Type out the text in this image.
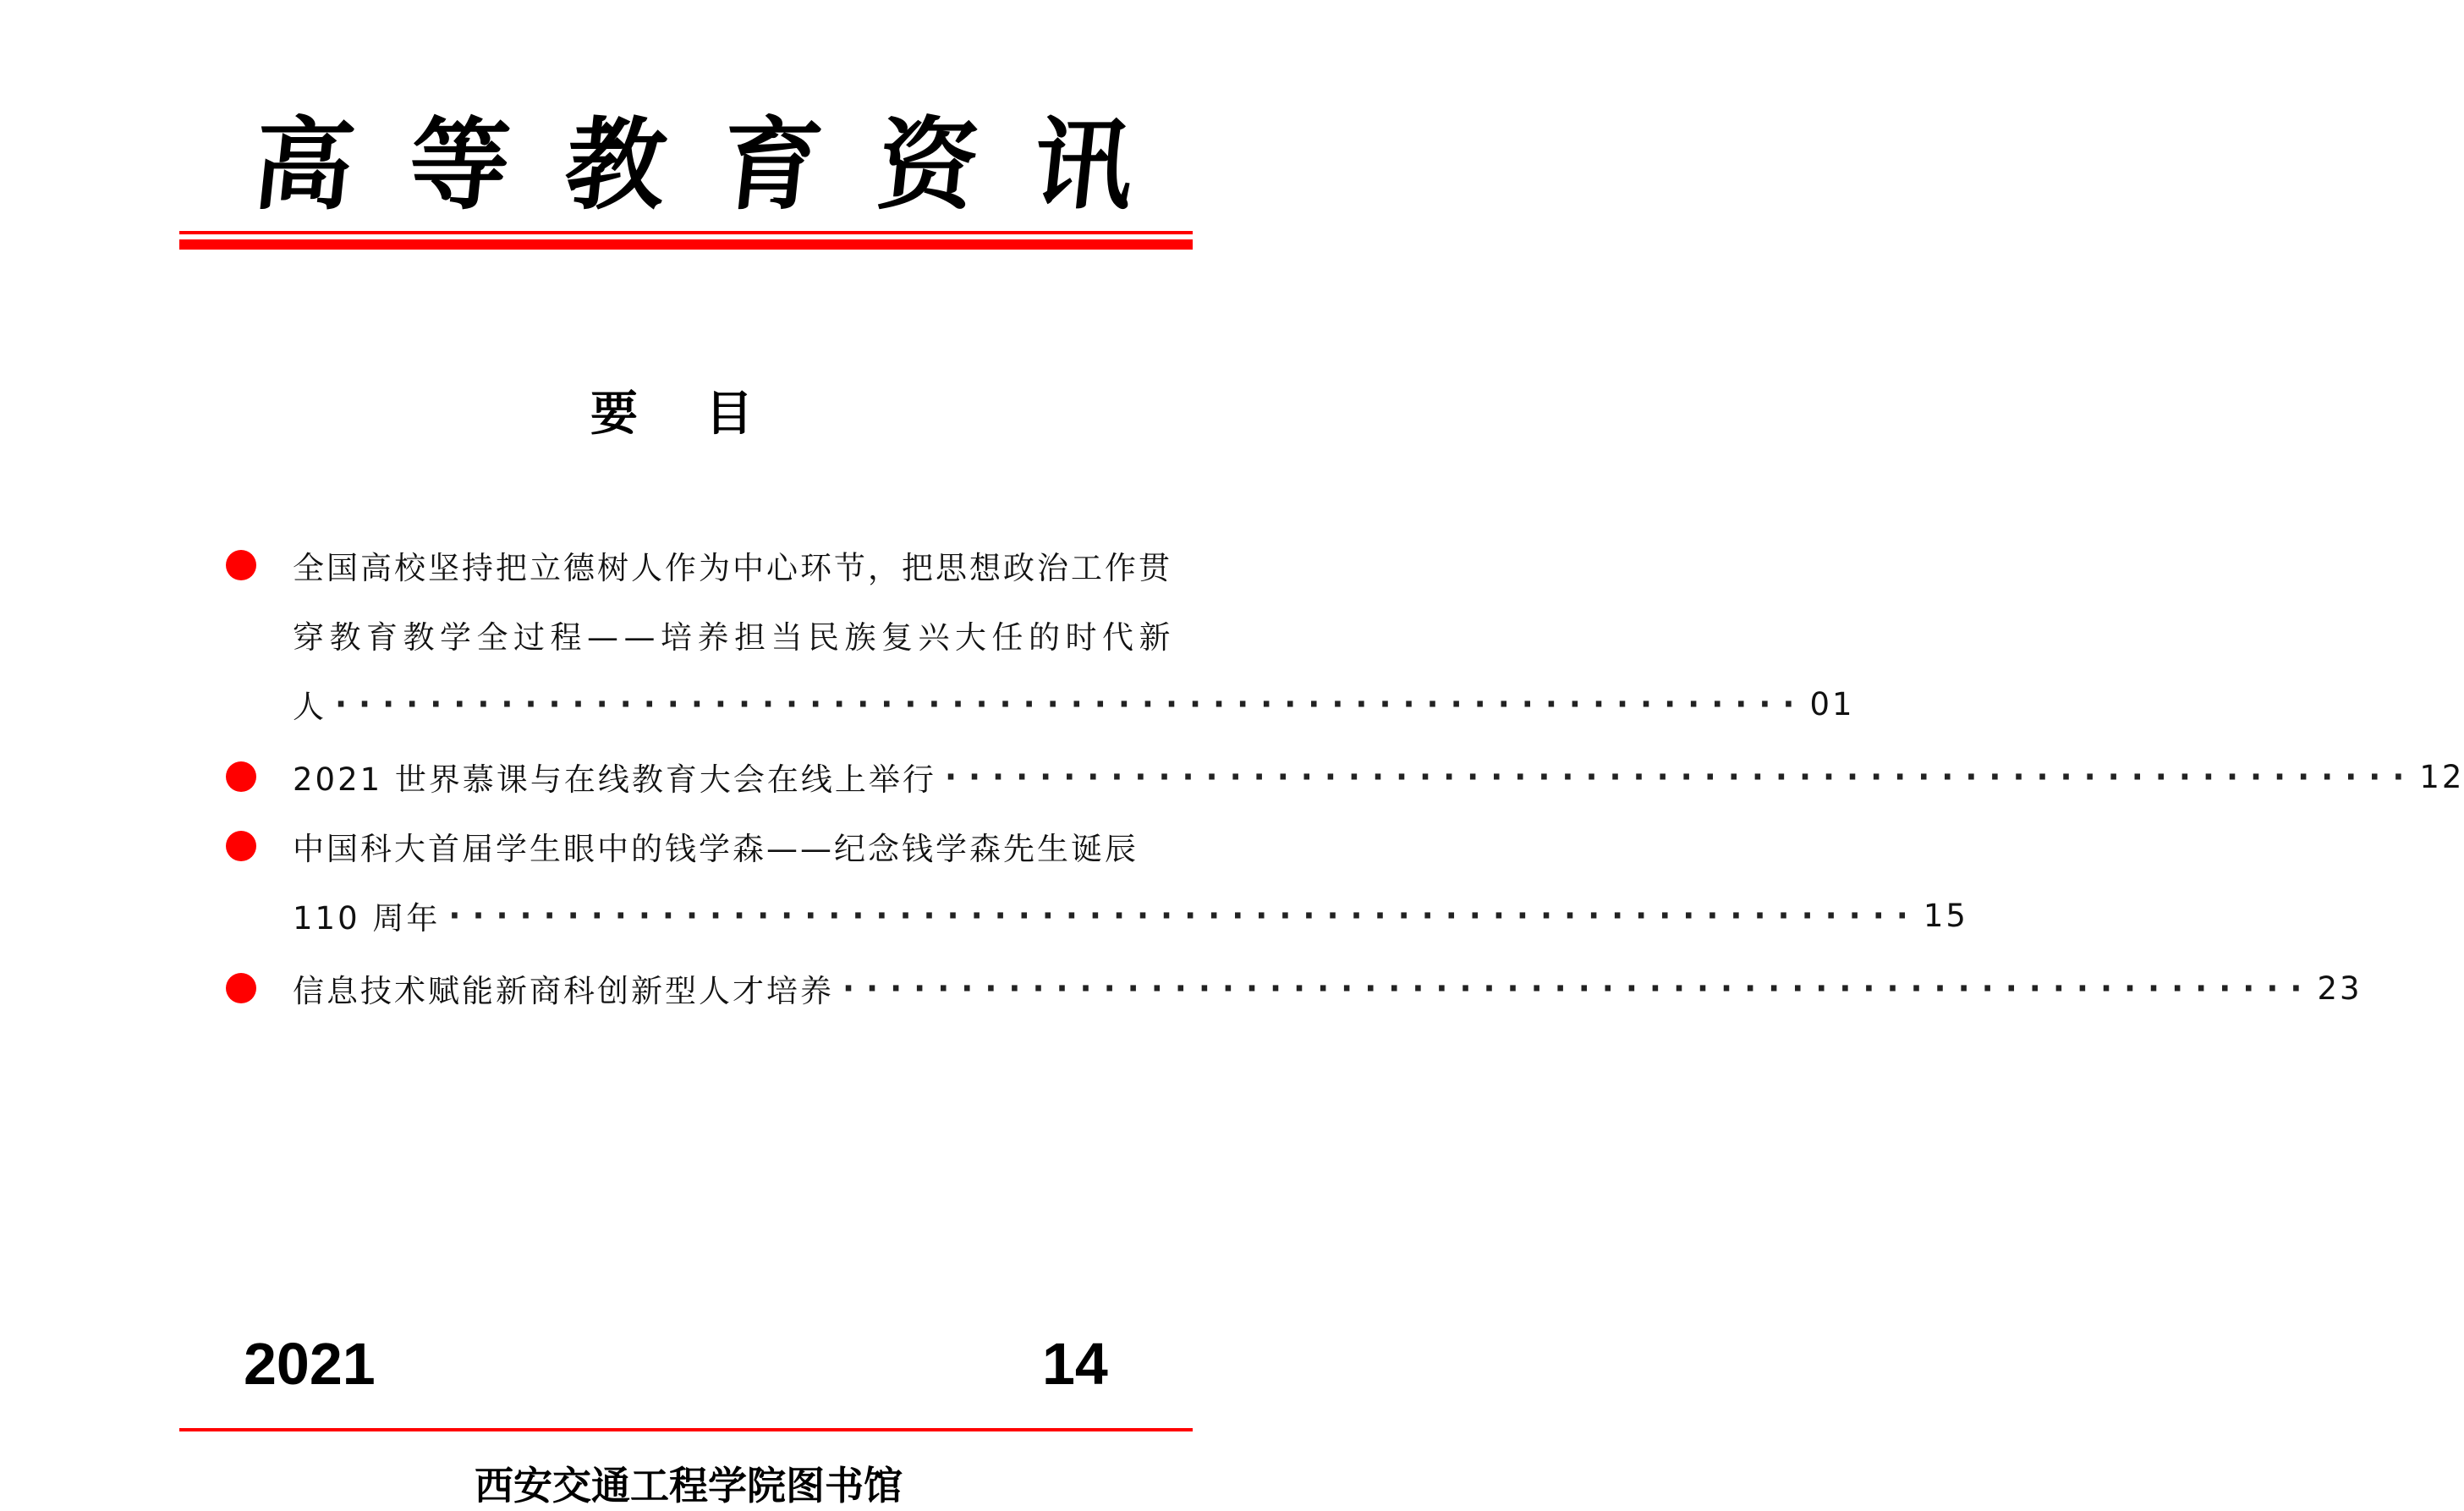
高 等 教 育 资 讯
要目
全国高校坚持把立德树人作为中心环节，把思想政治工作贯
穿教育教学全过程——培养担当民族复兴大任的时代新
人 ······························································ 01
2021 世界慕课与在线教育大会在线上举行 ······························································ 12
中国科大首届学生眼中的钱学森——纪念钱学森先生诞辰
110 周年 ······························································ 15
信息技术赋能新商科创新型人才培养 ······························································ 23
2021	14
西安交通工程学院图书馆
